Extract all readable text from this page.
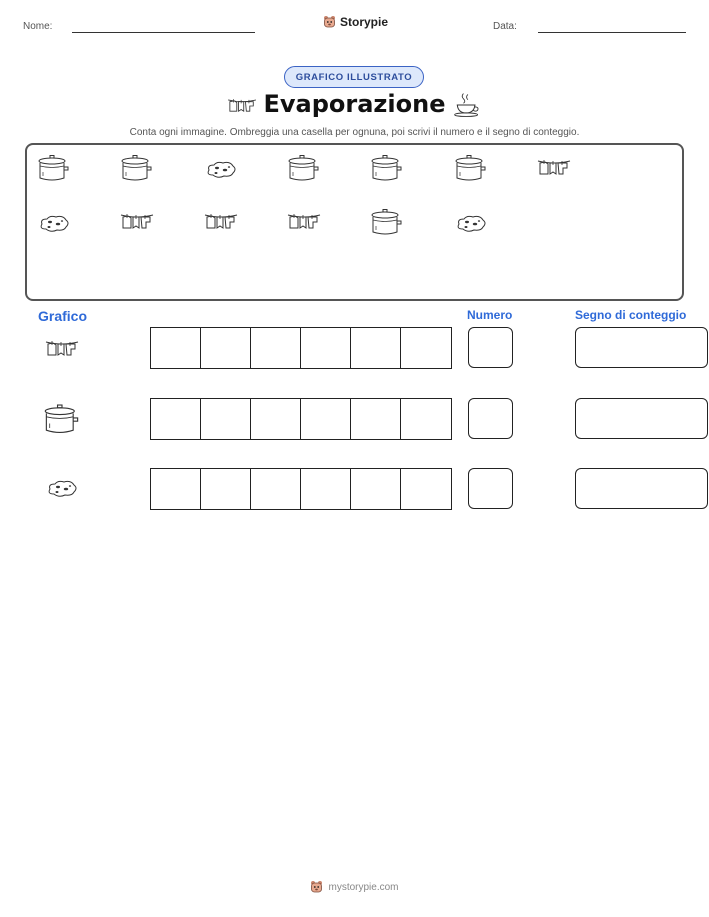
Nome:	Storypie	Data:
GRAFICO ILLUSTRATO
Evaporazione
Conta ogni immagine. Ombreggia una casella per ognuna, poi scrivi il numero e il segno di conteggio.
Grafico	Numero	Segno di conteggio
mystorypie.com
